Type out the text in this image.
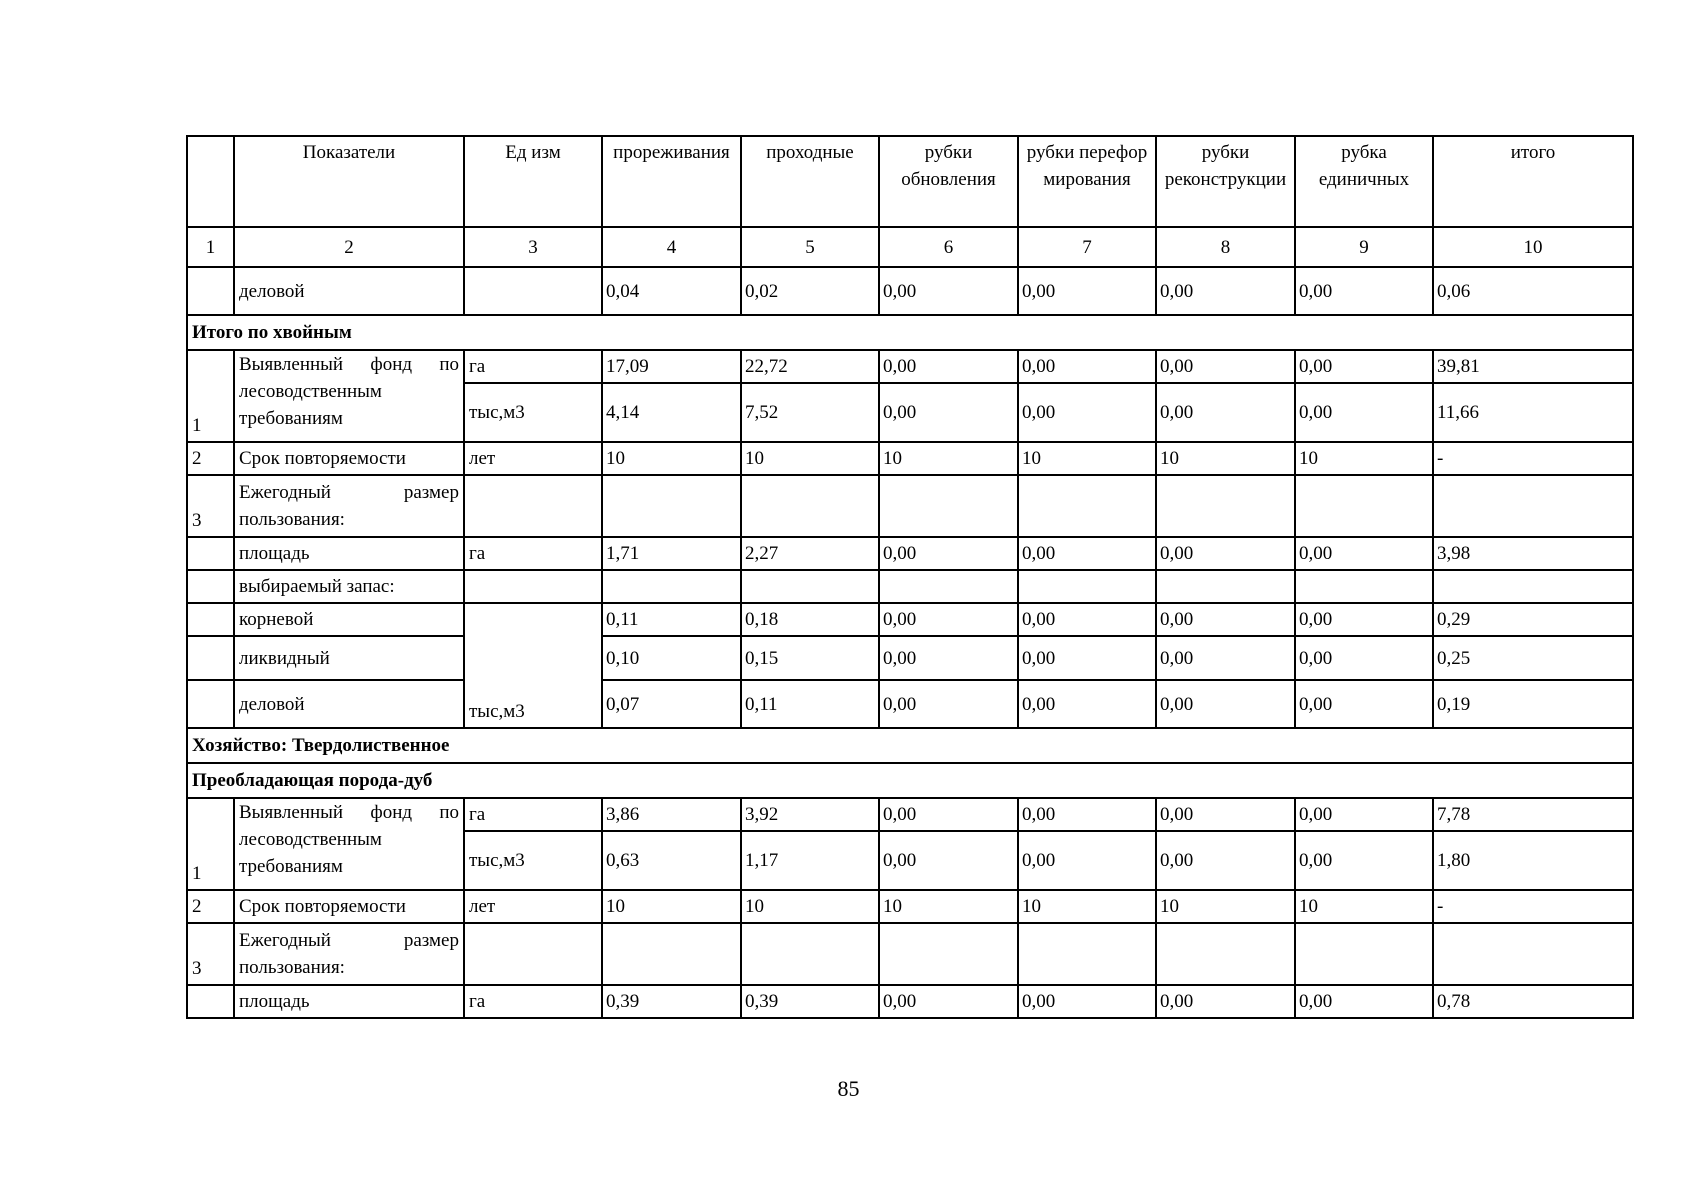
	Показатели	Ед изм	прореживания	проходные	рубки обновления	рубки переформирования	рубки реконструкции	рубка единичных	итого
1	2	3	4	5	6	7	8	9	10
	деловой		0,04	0,02	0,00	0,00	0,00	0,00	0,06
Итого по хвойным									
1	Выявленный фонд по лесоводственным требованиям	га	17,09	22,72	0,00	0,00	0,00	0,00	39,81
		тыс,м3	4,14	7,52	0,00	0,00	0,00	0,00	11,66
2	Срок повторяемости	лет	10	10	10	10	10	10	-
3	Ежегодный размер пользования:								
	площадь	га	1,71	2,27	0,00	0,00	0,00	0,00	3,98
	выбираемый запас:								
	корневой	тыс,м3	0,11	0,18	0,00	0,00	0,00	0,00	0,29
	ликвидный		0,10	0,15	0,00	0,00	0,00	0,00	0,25
	деловой		0,07	0,11	0,00	0,00	0,00	0,00	0,19
Хозяйство: Твердолиственное									
Преобладающая порода-дуб									
1	Выявленный фонд по лесоводственным требованиям	га	3,86	3,92	0,00	0,00	0,00	0,00	7,78
		тыс,м3	0,63	1,17	0,00	0,00	0,00	0,00	1,80
2	Срок повторяемости	лет	10	10	10	10	10	10	-
3	Ежегодный размер пользования:								
	площадь	га	0,39	0,39	0,00	0,00	0,00	0,00	0,78
85
